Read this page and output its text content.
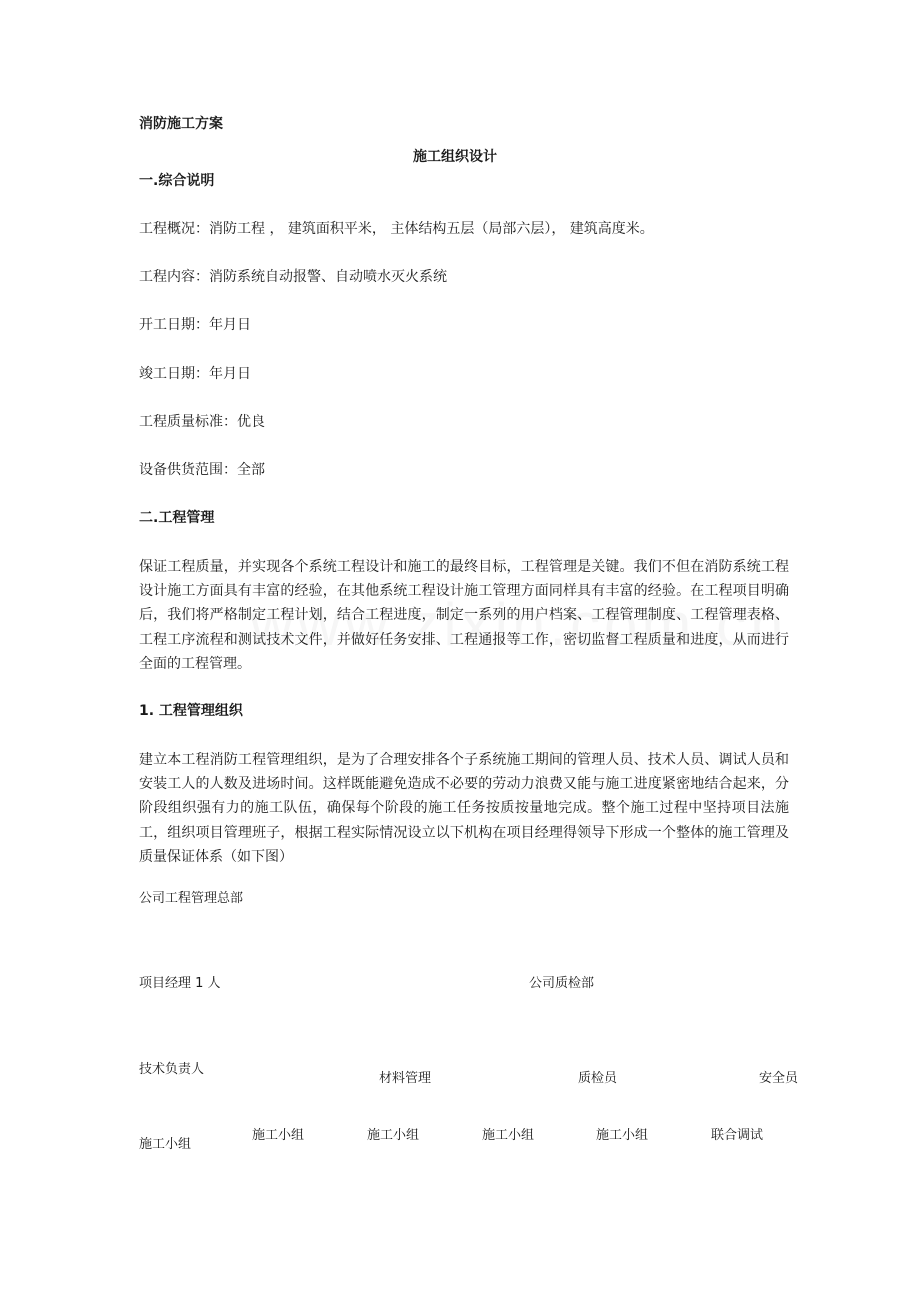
消防施工方案
施工组织设计
一.综合说明
工程概况：消防工程 ， 建筑面积平米， 主体结构五层（局部六层）， 建筑高度米。
工程内容：消防系统自动报警、自动喷水灭火系统
开工日期：年月日
竣工日期：年月日
工程质量标准：优良
设备供货范围：全部
二.工程管理
保证工程质量，并实现各个系统工程设计和施工的最终目标，工程管理是关键。我们不但在消防系统工程设计施工方面具有丰富的经验，在其他系统工程设计施工管理方面同样具有丰富的经验。在工程项目明确后，我们将严格制定工程计划，结合工程进度，制定一系列的用户档案、工程管理制度、工程管理表格、工程工序流程和测试技术文件，并做好任务安排、工程通报等工作，密切监督工程质量和进度，从而进行全面的工程管理。
1. 工程管理组织
建立本工程消防工程管理组织，是为了合理安排各个子系统施工期间的管理人员、技术人员、调试人员和安装工人的人数及进场时间。这样既能避免造成不必要的劳动力浪费又能与施工进度紧密地结合起来，分阶段组织强有力的施工队伍，确保每个阶段的施工任务按质按量地完成。整个施工过程中坚持项目法施工，组织项目管理班子，根据工程实际情况设立以下机构在项目经理得领导下形成一个整体的施工管理及质量保证体系（如下图）
公司工程管理总部
项目经理 1 人	公司质检部
技术负责人
材料管理	质检员	安全员
施工小组
施工小组	施工小组	施工小组	施工小组	联合调试
